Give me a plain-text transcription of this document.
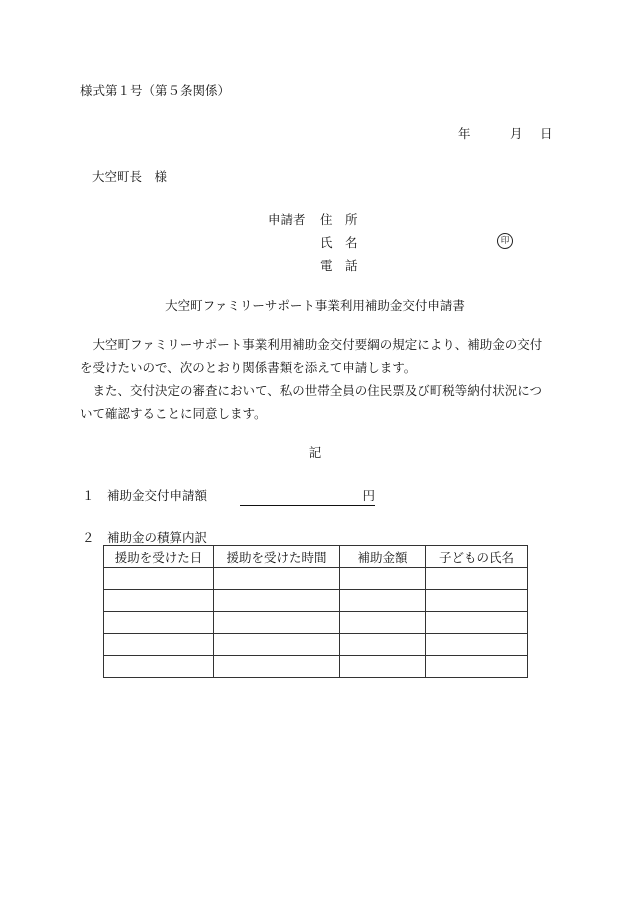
様式第１号（第５条関係）
年	月 日
大空町長　様
申請者 住　所
氏　名	印
電　話
大空町ファミリーサポート事業利用補助金交付申請書

大空町ファミリーサポート事業利用補助金交付要綱の規定により、補助金の交付を受けたいので、次のとおり関係書類を添えて申請します。

また、交付決定の審査において、私の世帯全員の住民票及び町税等納付状況について確認することに同意します。

記
１ 補助金交付申請額	円
２ 補助金の積算内訳
援助を受けた日	援助を受けた時間	補助金額	子どもの氏名
